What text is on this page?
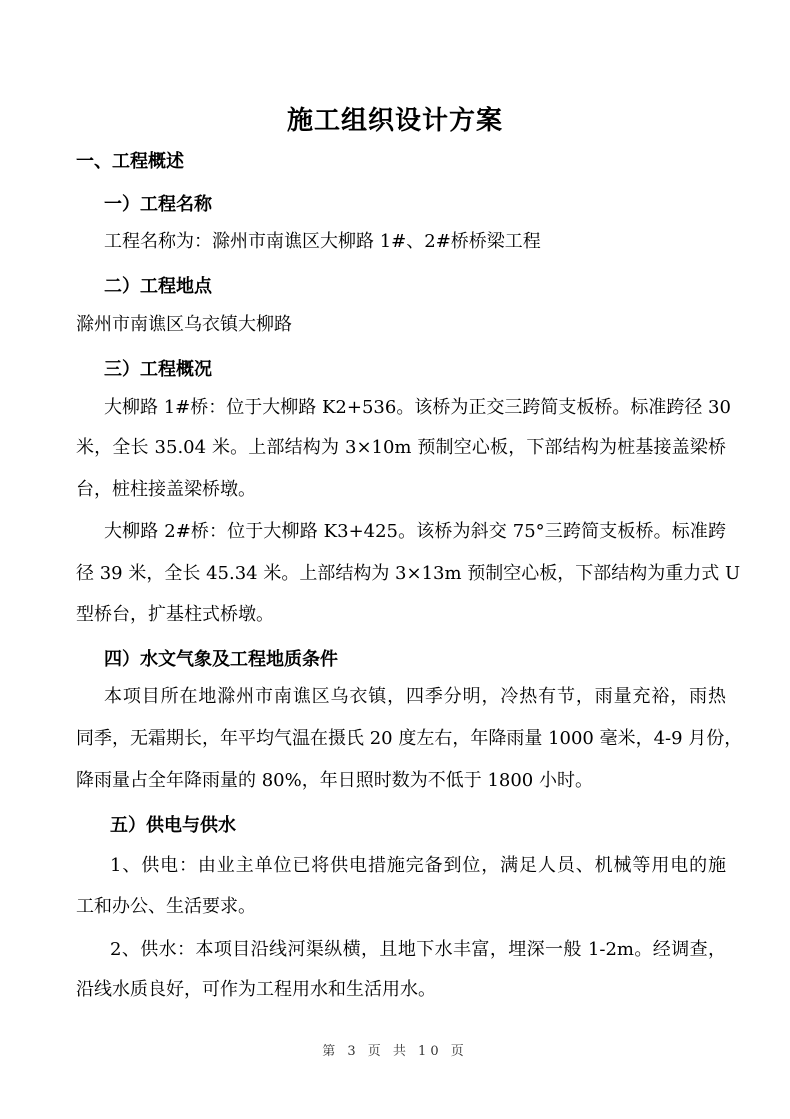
施工组织设计方案
一、工程概述
一）工程名称
工程名称为：滁州市南谯区大柳路 1#、2#桥桥梁工程
二）工程地点
滁州市南谯区乌衣镇大柳路
三）工程概况
大柳路 1#桥：位于大柳路 K2+536。该桥为正交三跨简支板桥。标准跨径 30
米，全长 35.04 米。上部结构为 3×10m 预制空心板，下部结构为桩基接盖梁桥
台，桩柱接盖梁桥墩。
大柳路 2#桥：位于大柳路 K3+425。该桥为斜交 75°三跨简支板桥。标准跨
径 39 米，全长 45.34 米。上部结构为 3×13m 预制空心板，下部结构为重力式 U
型桥台，扩基柱式桥墩。
四）水文气象及工程地质条件
本项目所在地滁州市南谯区乌衣镇，四季分明，冷热有节，雨量充裕，雨热
同季，无霜期长，年平均气温在摄氏 20 度左右，年降雨量 1000 毫米，4-9 月份，
降雨量占全年降雨量的 80%，年日照时数为不低于 1800 小时。
五）供电与供水
1、供电：由业主单位已将供电措施完备到位，满足人员、机械等用电的施
工和办公、生活要求。
2、供水：本项目沿线河渠纵横，且地下水丰富，埋深一般 1-2m。经调查，
沿线水质良好，可作为工程用水和生活用水。
第 3 页 共 10 页
